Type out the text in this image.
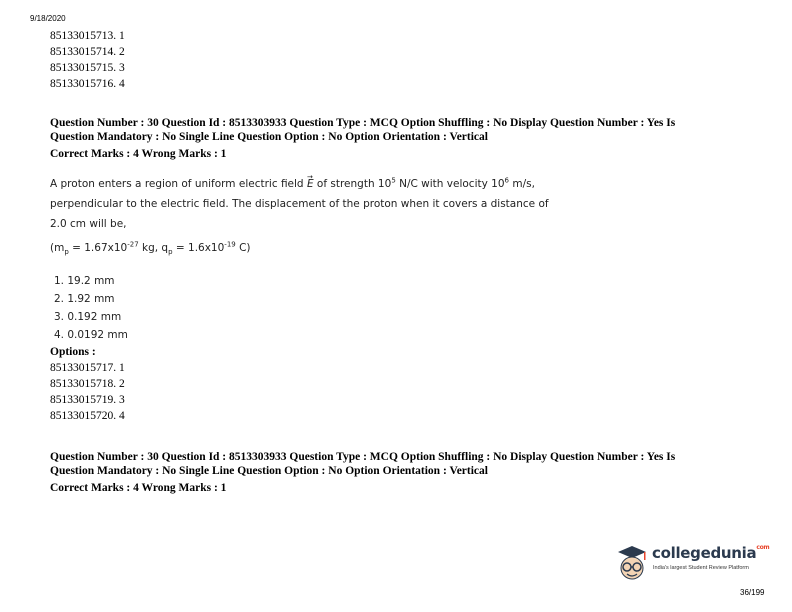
9/18/2020
85133015713. 1
85133015714. 2
85133015715. 3
85133015716. 4
Question Number : 30 Question Id : 8513303933 Question Type : MCQ Option Shuffling : No Display Question Number : Yes Is
Question Mandatory : No Single Line Question Option : No Option Orientation : Vertical
Correct Marks : 4 Wrong Marks : 1
A proton enters a region of uniform electric field → E of strength $10^5$ N/C with velocity $10^6$ m/s,
perpendicular to the electric field. The displacement of the proton when it covers a distance of
2.0 cm will be,
($m_p = 1.67x10^{-27}$ kg, $q_p = 1.6x10^{-19}$ C)
1. 19.2 mm
2. 1.92 mm
3. 0.192 mm
4. 0.0192 mm
Options :
85133015717. 1
85133015718. 2
85133015719. 3
85133015720. 4
Question Number : 30 Question Id : 8513303933 Question Type : MCQ Option Shuffling : No Display Question Number : Yes Is
Question Mandatory : No Single Line Question Option : No Option Orientation : Vertical
Correct Marks : 4 Wrong Marks : 1
collegedunia$^{com}$
India's largest Student Review Platform
36/199
